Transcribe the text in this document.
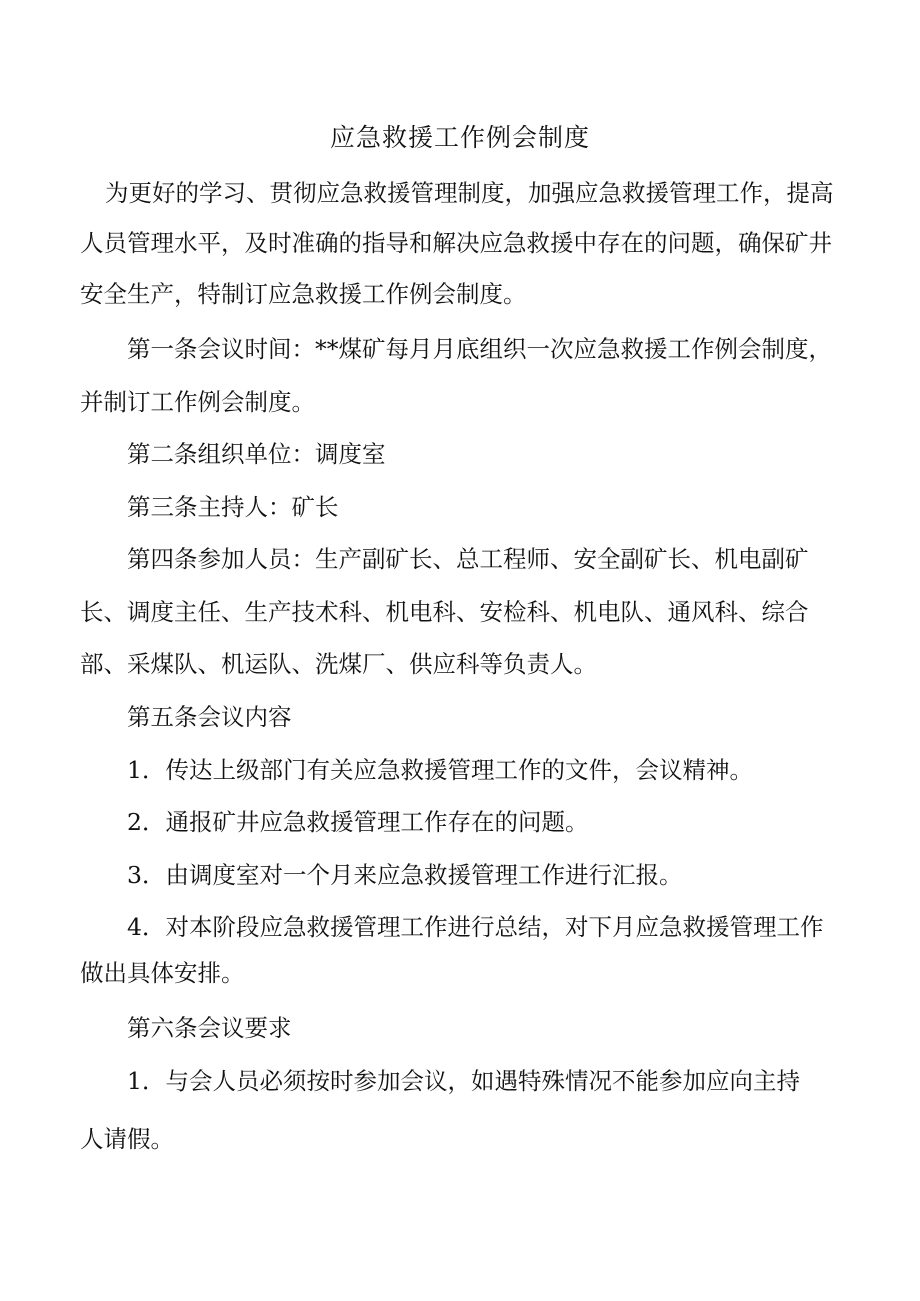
应急救援工作例会制度
为更好的学习、贯彻应急救援管理制度，加强应急救援管理工作，提高
人员管理水平，及时准确的指导和解决应急救援中存在的问题，确保矿井
安全生产，特制订应急救援工作例会制度。
第一条会议时间：**煤矿每月月底组织一次应急救援工作例会制度，
并制订工作例会制度。
第二条组织单位：调度室
第三条主持人：矿长
第四条参加人员：生产副矿长、总工程师、安全副矿长、机电副矿
长、调度主任、生产技术科、机电科、安检科、机电队、通风科、综合
部、采煤队、机运队、洗煤厂、供应科等负责人。
第五条会议内容
1．传达上级部门有关应急救援管理工作的文件，会议精神。
2．通报矿井应急救援管理工作存在的问题。
3．由调度室对一个月来应急救援管理工作进行汇报。
4．对本阶段应急救援管理工作进行总结，对下月应急救援管理工作
做出具体安排。
第六条会议要求
1．与会人员必须按时参加会议，如遇特殊情况不能参加应向主持
人请假。
